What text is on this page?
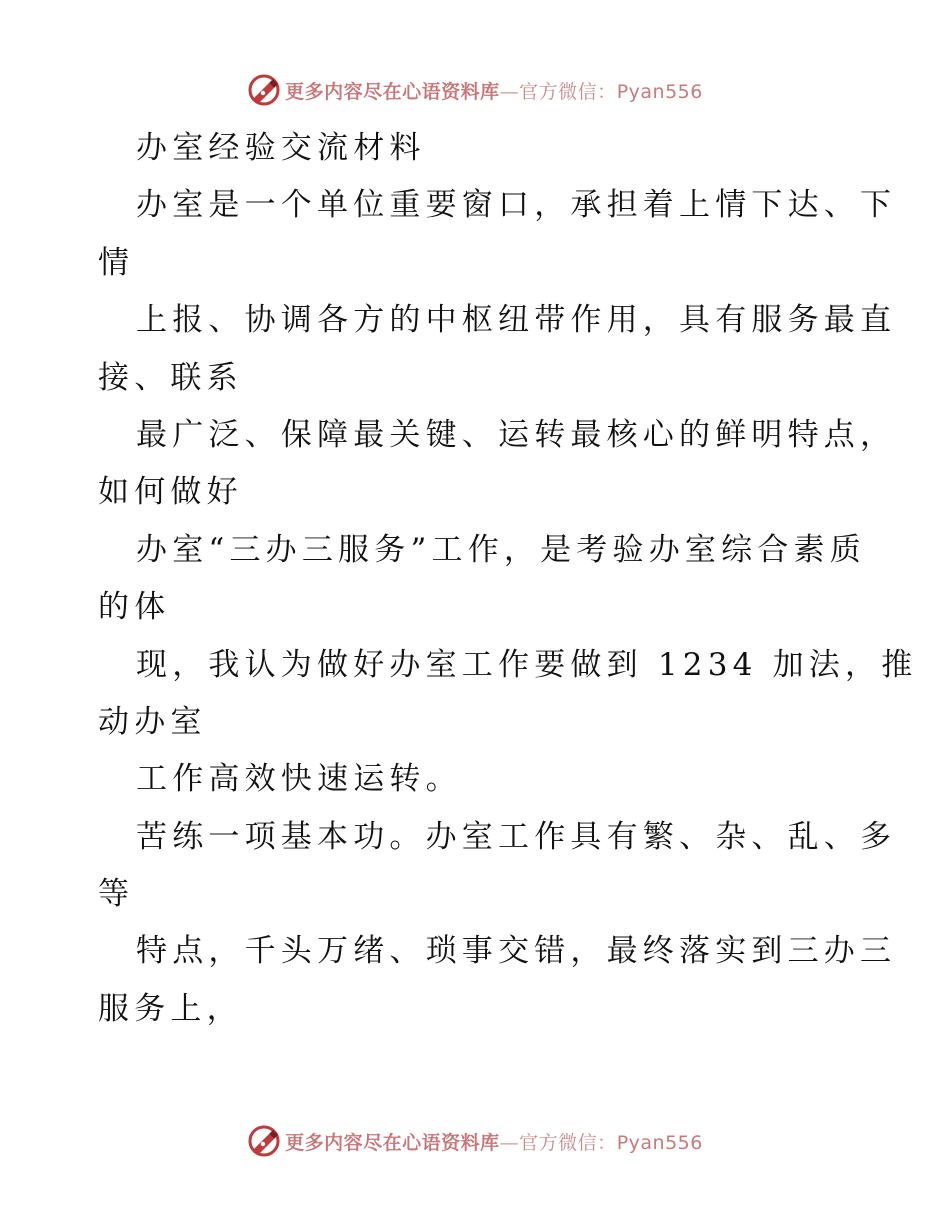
更多内容尽在心语资料库—官方微信：Pyan556
办室经验交流材料
办室是一个单位重要窗口，承担着上情下达、下
情
上报、协调各方的中枢纽带作用，具有服务最直
接、联系
最广泛、保障最关键、运转最核心的鲜明特点，
如何做好
办室“三办三服务”工作，是考验办室综合素质
的体
现，我认为做好办室工作要做到 1234 加法，推
动办室
工作高效快速运转。
苦练一项基本功。办室工作具有繁、杂、乱、多
等
特点，千头万绪、琐事交错，最终落实到三办三
服务上，
更多内容尽在心语资料库—官方微信：Pyan556
